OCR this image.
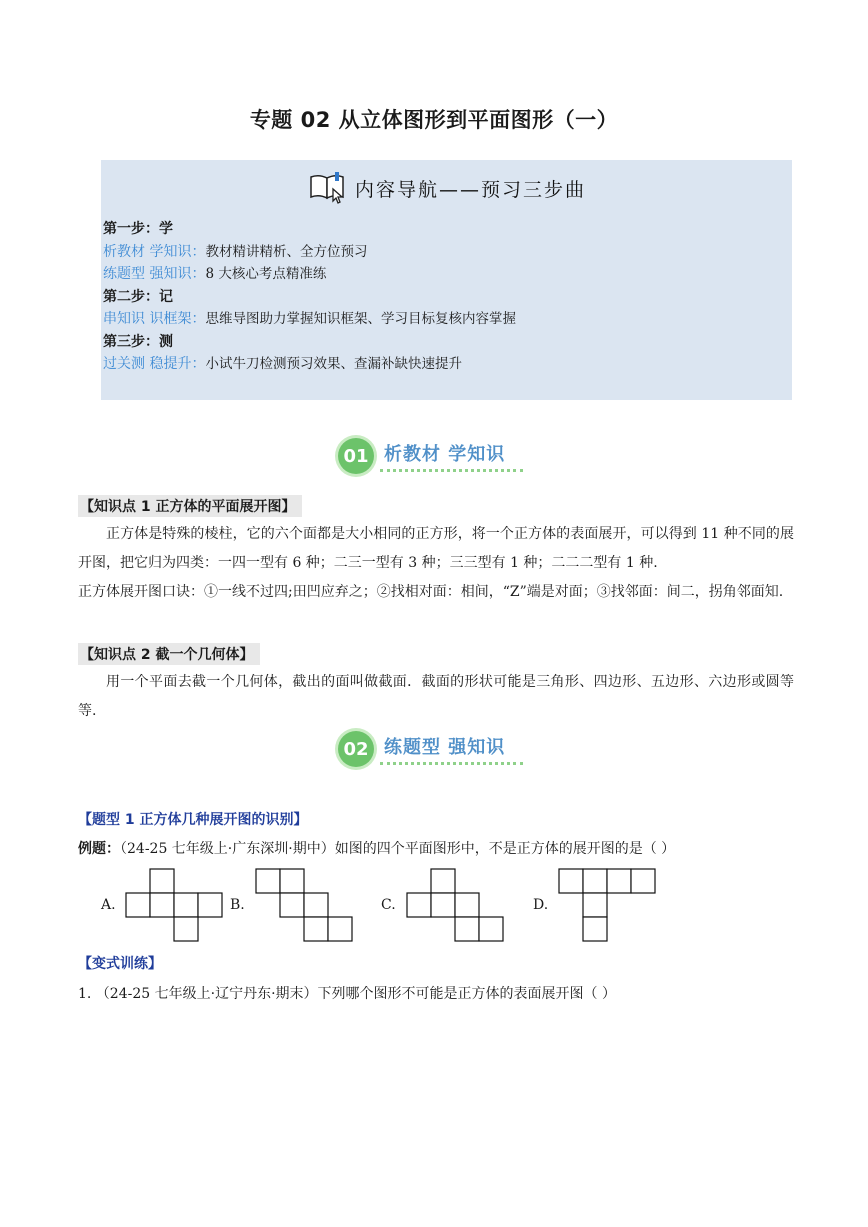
专题 02 从立体图形到平面图形（一）
内容导航——预习三步曲
第一步：学
析教材 学知识：教材精讲精析、全方位预习
练题型 强知识：8 大核心考点精准练
第二步：记
串知识 识框架：思维导图助力掌握知识框架、学习目标复核内容掌握
第三步：测
过关测 稳提升：小试牛刀检测预习效果、查漏补缺快速提升
01 析教材 学知识
【知识点 1 正方体的平面展开图】
正方体是特殊的棱柱，它的六个面都是大小相同的正方形，将一个正方体的表面展开，可以得到 11 种不同的展开图，把它归为四类：一四一型有 6 种；二三一型有 3 种；三三型有 1 种；二二二型有 1 种.
正方体展开图口诀：①一线不过四;田凹应弃之；②找相对面：相间，“Z”端是对面；③找邻面：间二，拐角邻面知.
【知识点 2 截一个几何体】
用一个平面去截一个几何体，截出的面叫做截面．截面的形状可能是三角形、四边形、五边形、六边形或圆等等.
02 练题型 强知识
【题型 1 正方体几种展开图的识别】
例题：（24-25 七年级上·广东深圳·期中）如图的四个平面图形中，不是正方体的展开图的是（ ）
A.	B.	C.	D.
【变式训练】
1. （24-25 七年级上·辽宁丹东·期末）下列哪个图形不可能是正方体的表面展开图（ ）
